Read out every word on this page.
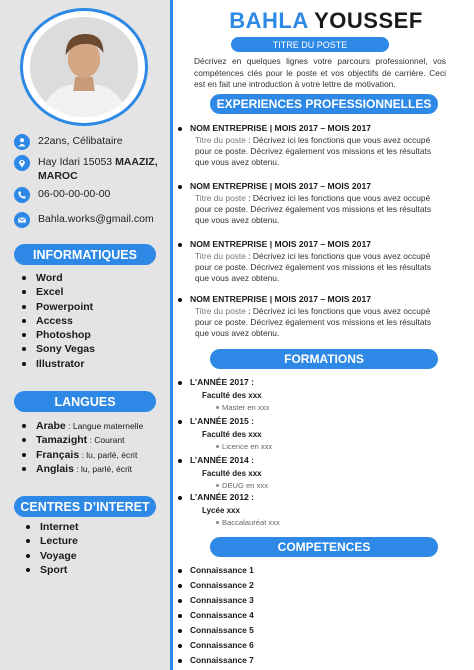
22ans, Célibataire
Hay Idari 15053 MAAZIZ,
MAROC
06-00-00-00-00
Bahla.works@gmail.com
INFORMATIQUES
Word
Excel
Powerpoint
Access
Photoshop
Sony Vegas
Illustrator
LANGUES
Arabe : Langue maternelle
Tamazight : Courant
Français : lu, parlé, écrit
Anglais : lu, parlé, écrit
CENTRES D’INTERET
Internet
Lecture
Voyage
Sport
BAHLA YOUSSEF
TITRE DU POSTE
Décrivez en quelques lignes votre parcours professionnel, vos compétences clés pour le poste et vos objectifs de carrière. Ceci est en fait une introduction à votre lettre de motivation.
EXPERIENCES PROFESSIONNELLES
NOM ENTREPRISE | MOIS 2017 – MOIS 2017
Titre du poste : Décrivez ici les fonctions que vous avez occupé pour ce poste. Décrivez également vos missions et les résultats que vous avez obtenu.
NOM ENTREPRISE | MOIS 2017 – MOIS 2017
Titre du poste : Décrivez ici les fonctions que vous avez occupé pour ce poste. Décrivez également vos missions et les résultats que vous avez obtenu.
NOM ENTREPRISE | MOIS 2017 – MOIS 2017
Titre du poste : Décrivez ici les fonctions que vous avez occupé pour ce poste. Décrivez également vos missions et les résultats que vous avez obtenu.
NOM ENTREPRISE | MOIS 2017 – MOIS 2017
Titre du poste : Décrivez ici les fonctions que vous avez occupé pour ce poste. Décrivez également vos missions et les résultats que vous avez obtenu.
FORMATIONS
L’ANNÉE 2017 :
Faculté des xxx
Master en xxx
L’ANNÉE 2015 :
Faculté des xxx
Licence en xxx
L’ANNÉE 2014 :
Faculté des xxx
DEUG en xxx
L’ANNÉE 2012 :
Lycée xxx
Baccalauréat xxx
COMPETENCES
Connaissance 1
Connaissance 2
Connaissance 3
Connaissance 4
Connaissance 5
Connaissance 6
Connaissance 7
